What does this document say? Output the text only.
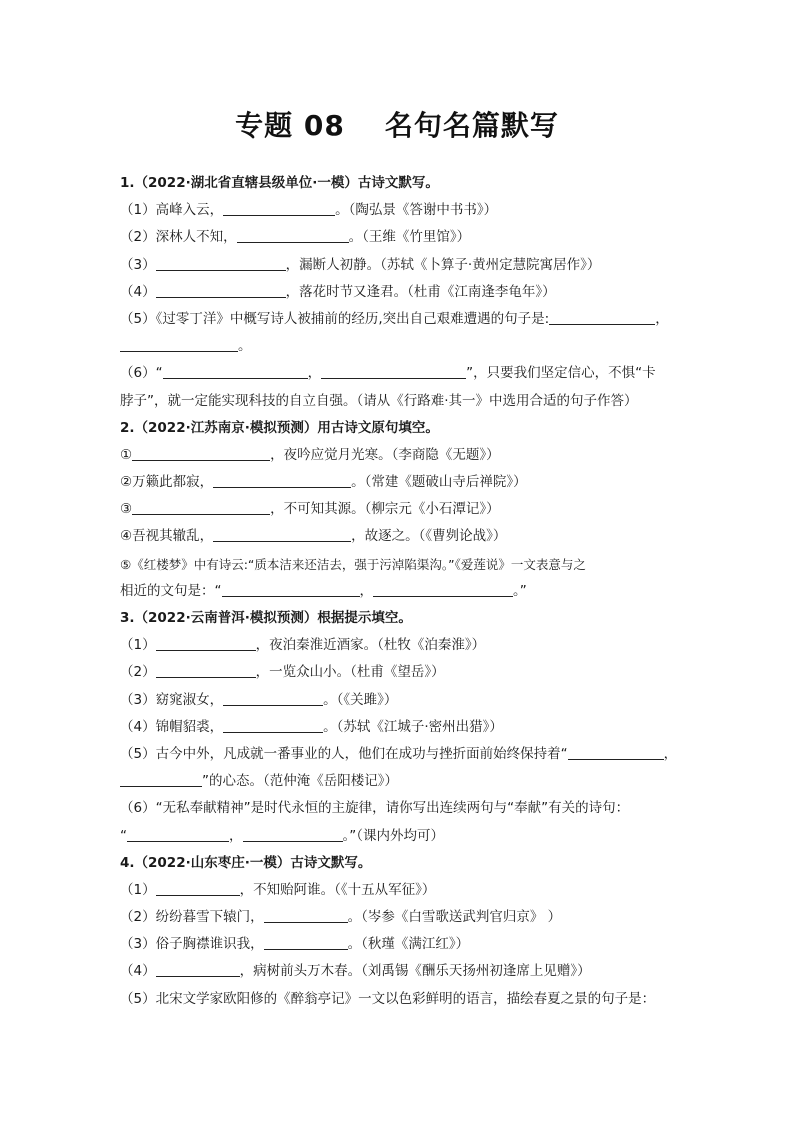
专题 08 名句名篇默写
1.（2022·湖北省直辖县级单位·一模）古诗文默写。
（1）高峰入云，	。（陶弘景《答谢中书书》）
（2）深林人不知，	。（王维《竹里馆》）
（3）	，漏断人初静。（苏轼《卜算子·黄州定慧院寓居作》）
（4）	，落花时节又逢君。（杜甫《江南逢李龟年》）
（5）《过零丁洋》中概写诗人被捕前的经历,突出自己艰难遭遇的句子是:	，
。
（6）“	，	”，只要我们坚定信心，不惧“卡
脖子”，就一定能实现科技的自立自强。（请从《行路难·其一》中选用合适的句子作答）
2.（2022·江苏南京·模拟预测）用古诗文原句填空。
①	，夜吟应觉月光寒。（李商隐《无题》）
②万籁此都寂，	。（常建《题破山寺后禅院》）
③	，不可知其源。（柳宗元《小石潭记》）
④吾视其辙乱，	，故逐之。（《曹刿论战》）
⑤《红楼梦》中有诗云:“质本洁来还洁去，强于污淖陷渠沟。”《爱莲说》一文表意与之
相近的文句是：“	，	。”
3.（2022·云南普洱·模拟预测）根据提示填空。
（1）	，夜泊秦淮近酒家。（杜牧《泊秦淮》）
（2）	，一览众山小。（杜甫《望岳》）
（3）窈窕淑女，	。（《关雎》）
（4）锦帽貂裘，	。（苏轼《江城子·密州出猎》）
（5）古今中外，凡成就一番事业的人，他们在成功与挫折面前始终保持着“	，
”的心态。（范仲淹《岳阳楼记》）
（6）“无私奉献精神”是时代永恒的主旋律，请你写出连续两句与“奉献”有关的诗句：
“	，	。”（课内外均可）
4.（2022·山东枣庄·一模）古诗文默写。
（1）	，不知贻阿谁。（《十五从军征》）
（2）纷纷暮雪下辕门，	。（岑参《白雪歌送武判官归京》 ）
（3）俗子胸襟谁识我，	。（秋瑾《满江红》）
（4）	，病树前头万木春。（刘禹锡《酬乐天扬州初逢席上见赠》）
（5）北宋文学家欧阳修的《醉翁亭记》一文以色彩鲜明的语言，描绘春夏之景的句子是：
